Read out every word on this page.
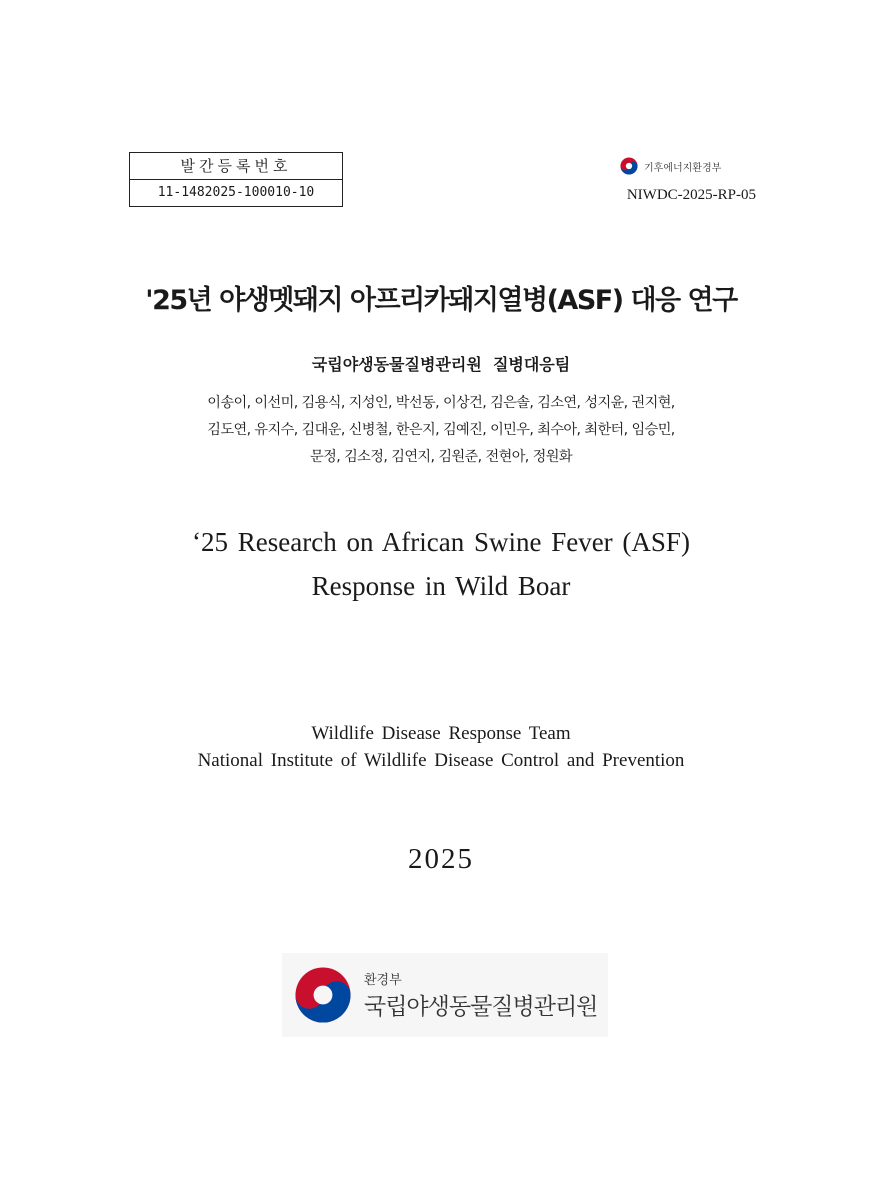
발간등록번호
11-1482025-100010-10
기후에너지환경부
NIWDC-2025-RP-05
'25년 야생멧돼지 아프리카돼지열병(ASF) 대응 연구
국립야생동물질병관리원  질병대응팀
이송이, 이선미, 김용식, 지성인, 박선동, 이상건, 김은솔, 김소연, 성지윤, 권지현,
김도연, 유지수, 김대운, 신병철, 한은지, 김예진, 이민우, 최수아, 최한터, 임승민,
문정, 김소정, 김연지, 김원준, 전현아, 정원화
‘25 Research on African Swine Fever (ASF)
Response in Wild Boar
Wildlife Disease Response Team
National Institute of Wildlife Disease Control and Prevention
2025
환경부
국립야생동물질병관리원
